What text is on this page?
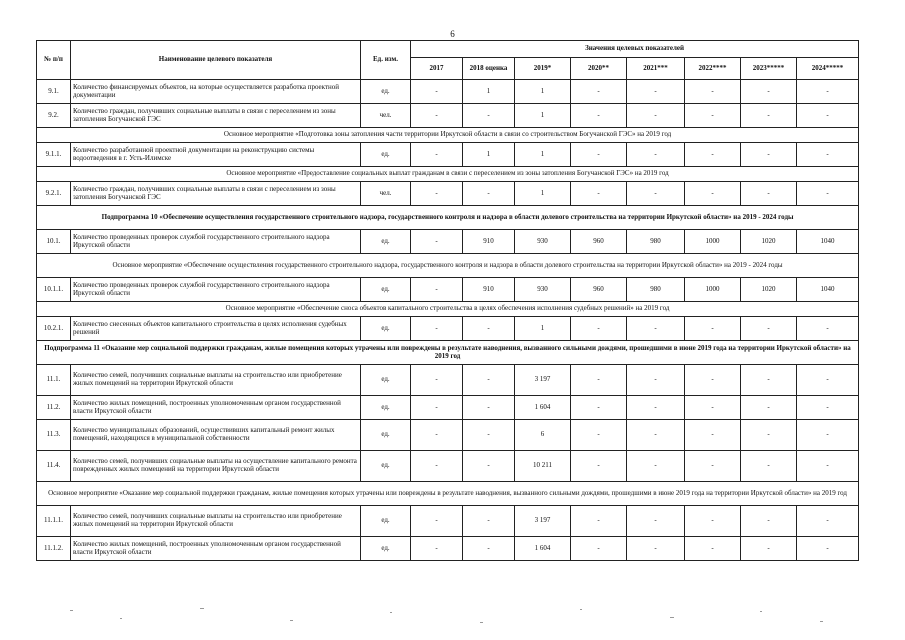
6
№ п/п	Наименование целевого показателя	Ед. изм.	Значения целевых показателей							
			2017	2018 оценка	2019*	2020**	2021***	2022****	2023*****	2024*****
9.1.	Количество финансируемых объектов, на которые осуществляется разработка проектной документации	ед.	-	1	1	-	-	-	-	-
9.2.	Количество граждан, получивших социальные выплаты в связи с переселением из зоны затопления Богучанской ГЭС	чел.	-	-	1	-	-	-	-	-
Основное мероприятие «Подготовка зоны затопления части территории Иркутской области в связи со строительством Богучанской ГЭС» на 2019 год										
9.1.1.	Количество разработанной проектной документации на реконструкцию системы водоотведения в г. Усть-Илимске	ед.	-	1	1	-	-	-	-	-
Основное мероприятие «Предоставление социальных выплат гражданам в связи с переселением из зоны затопления Богучанской ГЭС» на 2019 год										
9.2.1.	Количество граждан, получивших социальные выплаты в связи с переселением из зоны затопления Богучанской ГЭС	чел.	-	-	1	-	-	-	-	-
Подпрограмма 10 «Обеспечение осуществления государственного строительного надзора, государственного контроля и надзора в области долевого строительства на территории Иркутской области» на 2019 - 2024 годы										
10.1.	Количество проведенных проверок службой государственного строительного надзора Иркутской области	ед.	-	910	930	960	980	1000	1020	1040
Основное мероприятие «Обеспечение осуществления государственного строительного надзора, государственного контроля и надзора в области долевого строительства на территории Иркутской области» на 2019 - 2024 годы										
10.1.1.	Количество проведенных проверок службой государственного строительного надзора Иркутской области	ед.	-	910	930	960	980	1000	1020	1040
Основное мероприятие «Обеспечение сноса объектов капитального строительства в целях обеспечения исполнения судебных решений» на 2019 год										
10.2.1.	Количество снесенных объектов капитального строительства в целях исполнения судебных решений	ед.	-	-	1	-	-	-	-	-
Подпрограмма 11 «Оказание мер социальной поддержки гражданам, жилые помещения которых утрачены или повреждены в результате наводнения, вызванного сильными дождями, прошедшими в июне 2019 года на территории Иркутской области» на 2019 год										
11.1.	Количество семей, получивших социальные выплаты на строительство или приобретение жилых помещений на территории Иркутской области	ед.	-	-	3 197	-	-	-	-	-
11.2.	Количество жилых помещений, построенных уполномоченным органом государственной власти Иркутской области	ед.	-	-	1 604	-	-	-	-	-
11.3.	Количество муниципальных образований, осуществивших капитальный ремонт жилых помещений, находящихся в муниципальной собственности	ед.	-	-	6	-	-	-	-	-
11.4.	Количество семей, получивших социальные выплаты на осуществление капитального ремонта поврежденных жилых помещений на территории Иркутской области	ед.	-	-	10 211	-	-	-	-	-
Основное мероприятие «Оказание мер социальной поддержки гражданам, жилые помещения которых утрачены или повреждены в результате наводнения, вызванного сильными дождями, прошедшими в июне 2019 года на территории Иркутской области» на 2019 год										
11.1.1.	Количество семей, получивших социальные выплаты на строительство или приобретение жилых помещений на территории Иркутской области	ед.	-	-	3 197	-	-	-	-	-
11.1.2.	Количество жилых помещений, построенных уполномоченным органом государственной власти Иркутской области	ед.	-	-	1 604	-	-	-	-	-
